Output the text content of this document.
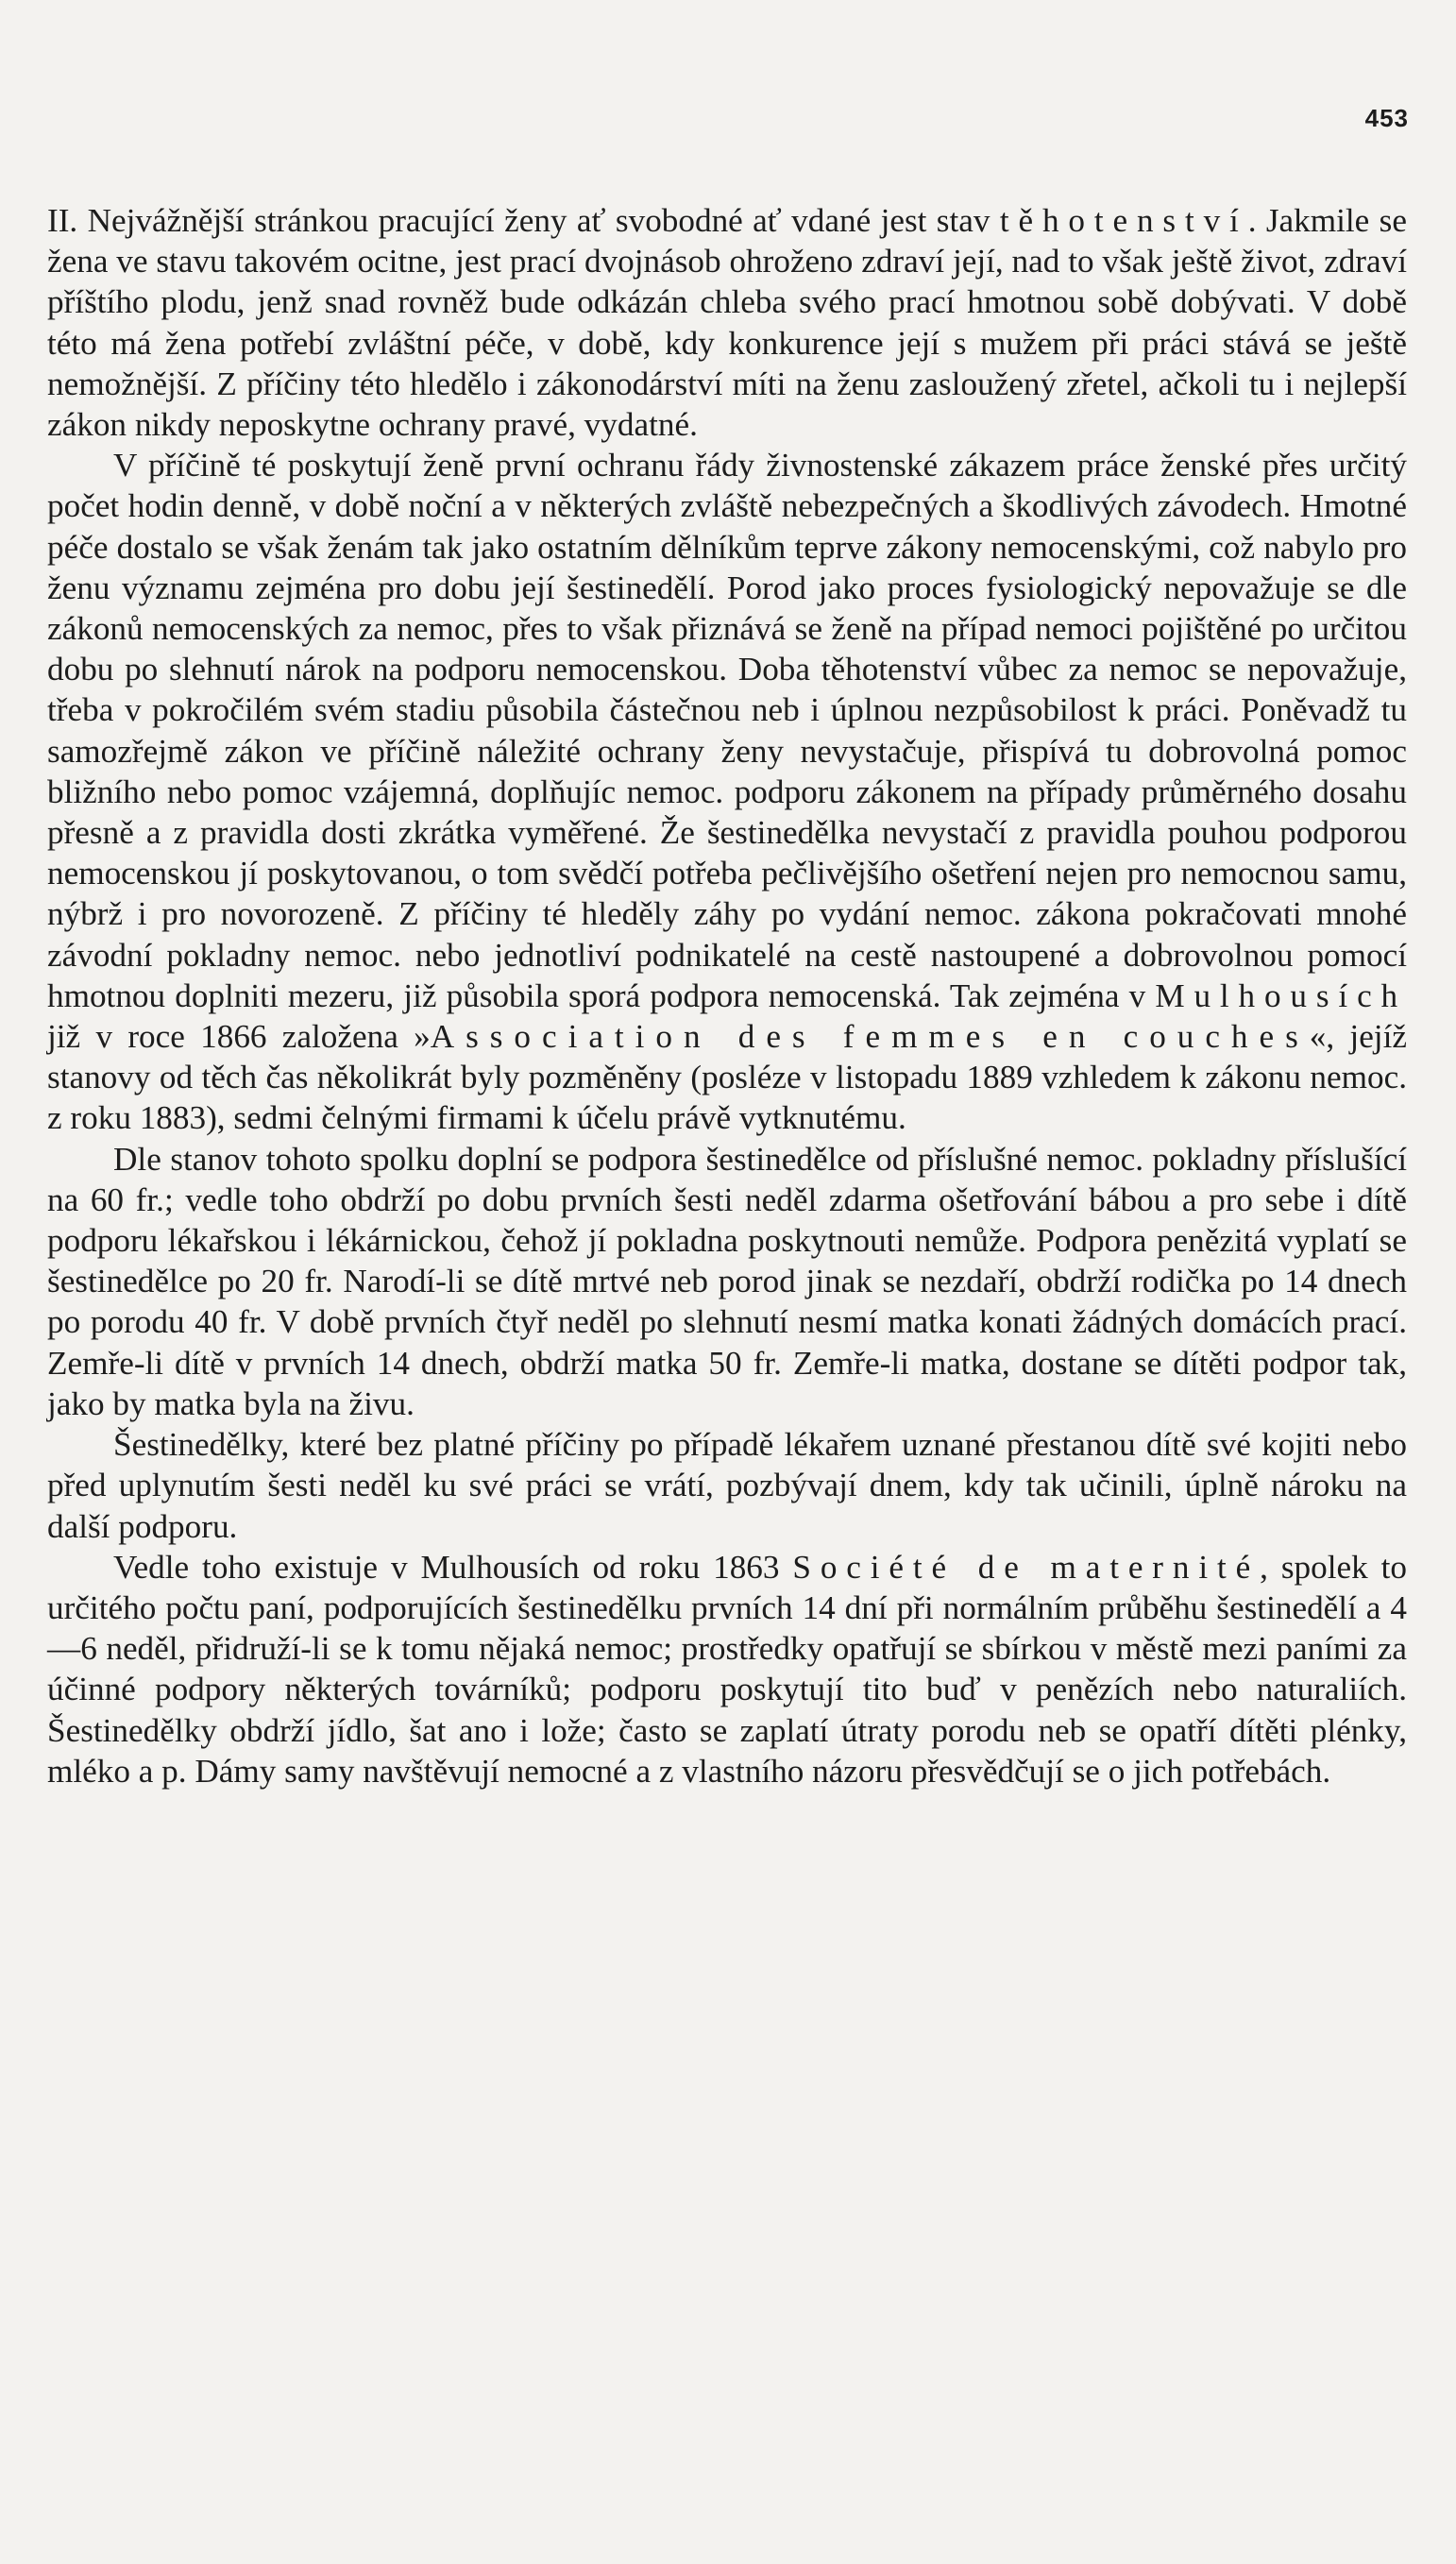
453

II. Nejvážnější stránkou pracující ženy ať svobodné ať vdané jest stav těhotenství. Jakmile se žena ve stavu takovém ocitne, jest prací dvojnásob ohroženo zdraví její, nad to však ještě život, zdraví příštího plodu, jenž snad rovněž bude odkázán chleba svého prací hmotnou sobě dobývati. V době této má žena potřebí zvláštní péče, v době, kdy konkurence její s mužem při práci stává se ještě nemožnější. Z příčiny této hledělo i zákonodárství míti na ženu zasloužený zřetel, ačkoli tu i nejlepší zákon nikdy neposkytne ochrany pravé, vydatné.

V příčině té poskytují ženě první ochranu řády živnostenské zákazem práce ženské přes určitý počet hodin denně, v době noční a v některých zvláště nebezpečných a škodlivých závodech. Hmotné péče dostalo se však ženám tak jako ostatním dělníkům teprve zákony nemocenskými, což nabylo pro ženu významu zejména pro dobu její šestinedělí. Porod jako proces fysiologický nepovažuje se dle zákonů nemocenských za nemoc, přes to však přiznává se ženě na případ nemoci pojištěné po určitou dobu po slehnutí nárok na podporu nemocenskou. Doba těhotenství vůbec za nemoc se nepovažuje, třeba v pokročilém svém stadiu působila částečnou neb i úplnou nezpůsobilost k práci. Poněvadž tu samozřejmě zákon ve příčině náležité ochrany ženy nevystačuje, přispívá tu dobrovolná pomoc bližního nebo pomoc vzájemná, doplňujíc nemoc. podporu zákonem na případy průměrného dosahu přesně a z pravidla dosti zkrátka vyměřené. Že šestinedělka nevystačí z pravidla pouhou podporou nemocenskou jí poskytovanou, o tom svědčí potřeba pečlivějšího ošetření nejen pro nemocnou samu, nýbrž i pro novorozeně. Z příčiny té hleděly záhy po vydání nemoc. zákona pokračovati mnohé závodní pokladny nemoc. nebo jednotliví podnikatelé na cestě nastoupené a dobrovolnou pomocí hmotnou doplniti mezeru, již působila sporá podpora nemocenská. Tak zejména v Mulhousích již v roce 1866 založena »Association des femmes en couches«, jejíž stanovy od těch čas několikrát byly pozměněny (posléze v listopadu 1889 vzhledem k zákonu nemoc. z roku 1883), sedmi čelnými firmami k účelu právě vytknutému.

Dle stanov tohoto spolku doplní se podpora šestinedělce od příslušné nemoc. pokladny příslušící na 60 fr.; vedle toho obdrží po dobu prvních šesti neděl zdarma ošetřování bábou a pro sebe i dítě podporu lékařskou i lékárnickou, čehož jí pokladna poskytnouti nemůže. Podpora penězitá vyplatí se šestinedělce po 20 fr. Narodí-li se dítě mrtvé neb porod jinak se nezdaří, obdrží rodička po 14 dnech po porodu 40 fr. V době prvních čtyř neděl po slehnutí nesmí matka konati žádných domácích prací. Zemře-li dítě v prvních 14 dnech, obdrží matka 50 fr. Zemře-li matka, dostane se dítěti podpor tak, jako by matka byla na živu.

Šestinedělky, které bez platné příčiny po případě lékařem uznané přestanou dítě své kojiti nebo před uplynutím šesti neděl ku své práci se vrátí, pozbývají dnem, kdy tak učinili, úplně nároku na další podporu.

Vedle toho existuje v Mulhousích od roku 1863 Société de maternité, spolek to určitého počtu paní, podporujících šestinedělku prvních 14 dní při normálním průběhu šestinedělí a 4—6 neděl, přidruží-li se k tomu nějaká nemoc; prostředky opatřují se sbírkou v městě mezi paními za účinné podpory některých továrníků; podporu poskytují tito buď v penězích nebo naturaliích. Šestinedělky obdrží jídlo, šat ano i lože; často se zaplatí útraty porodu neb se opatří dítěti plénky, mléko a p. Dámy samy navštěvují nemocné a z vlastního názoru přesvědčují se o jich potřebách.
